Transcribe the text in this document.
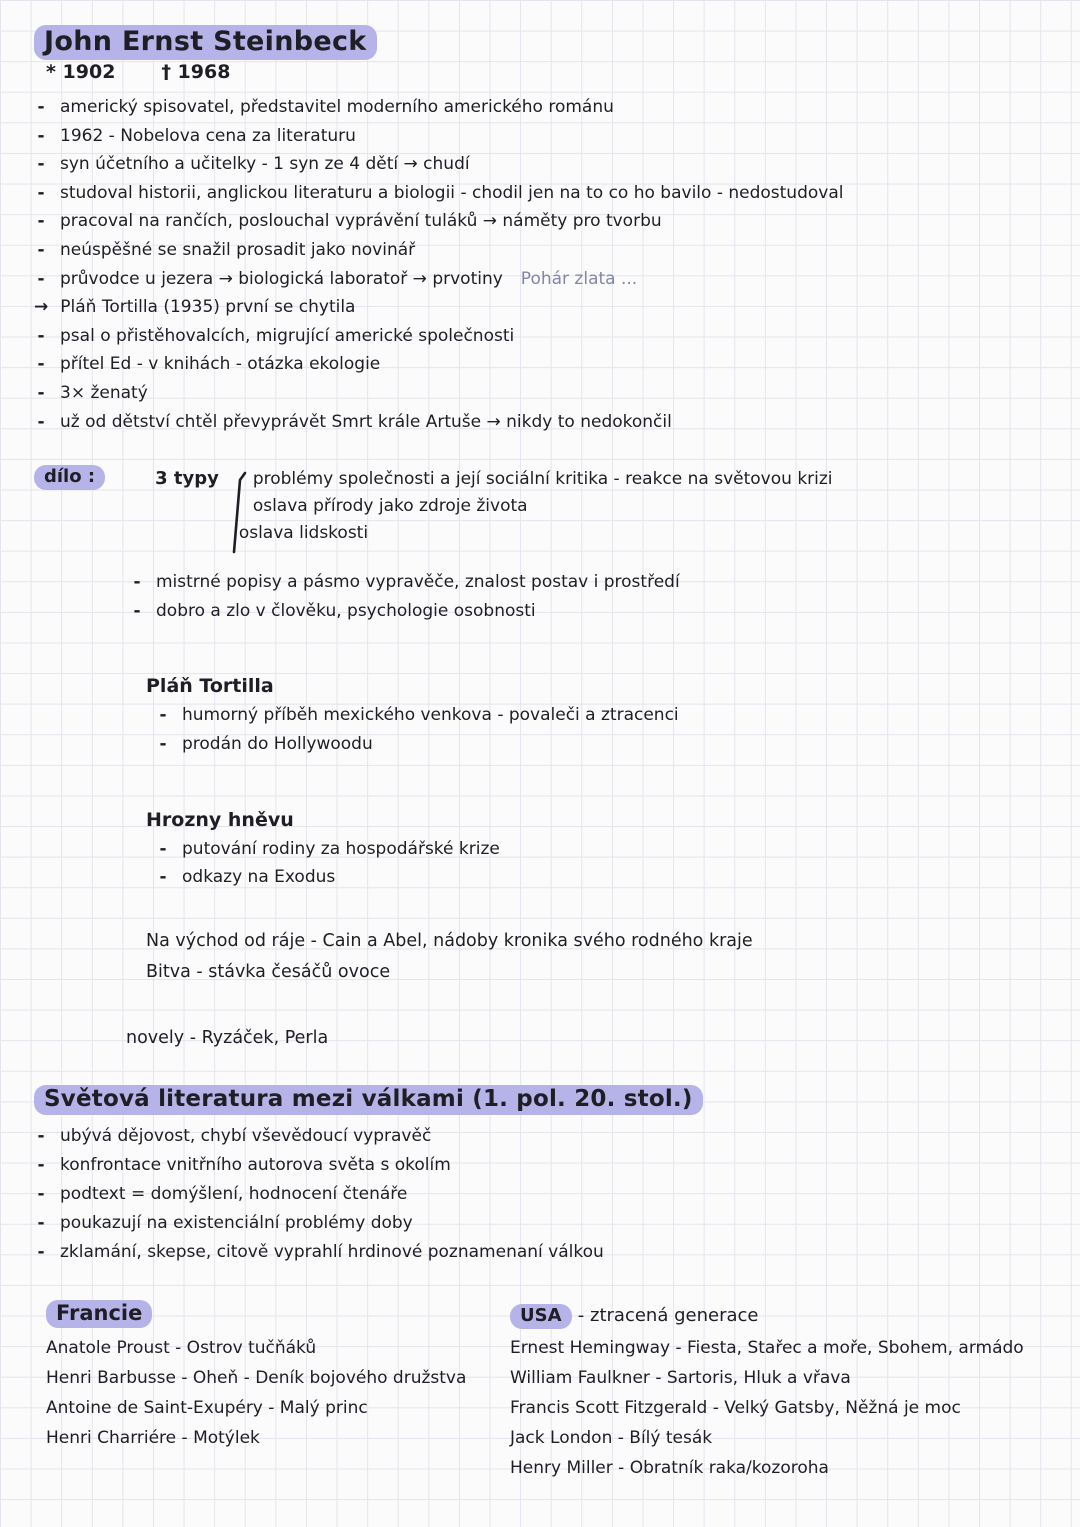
John Ernst Steinbeck
* 1902 † 1968
- americký spisovatel, představitel moderního amerického románu
- 1962 - Nobelova cena za literaturu
- syn účetního a učitelky - 1 syn ze 4 dětí → chudí
- studoval historii, anglickou literaturu a biologii - chodil jen na to co ho bavilo - nedostudoval
- pracoval na rančích, poslouchal vyprávění tuláků → náměty pro tvorbu
- neúspěšné se snažil prosadit jako novinář
- průvodce u jezera → biologická laboratoř → prvotiny Pohár zlata ...
→ Pláň Tortilla (1935) první se chytila
- psal o přistěhovalcích, migrující americké společnosti
- přítel Ed - v knihách - otázka ekologie
- 3× ženatý
- už od dětství chtěl převyprávět Smrt krále Artuše → nikdy to nedokončil
dílo :	3 typy problémy společnosti a její sociální kritika - reakce na světovou krizi
oslava přírody jako zdroje života
oslava lidskosti
- mistrné popisy a pásmo vypravěče, znalost postav i prostředí
- dobro a zlo v člověku, psychologie osobnosti
Pláň Tortilla
- humorný příběh mexického venkova - povaleči a ztracenci
- prodán do Hollywoodu
Hrozny hněvu
- putování rodiny za hospodářské krize
- odkazy na Exodus
Na východ od ráje - Cain a Abel, nádoby kronika svého rodného kraje
Bitva - stávka česáčů ovoce
novely - Ryzáček, Perla
Světová literatura mezi válkami (1. pol. 20. stol.)
- ubývá dějovost, chybí vševědoucí vypravěč
- konfrontace vnitřního autorova světa s okolím
- podtext = domýšlení, hodnocení čtenáře
- poukazují na existenciální problémy doby
- zklamání, skepse, citově vyprahlí hrdinové poznamenaní válkou
Francie
Anatole Proust - Ostrov tučňáků
Henri Barbusse - Oheň - Deník bojového družstva
Antoine de Saint-Exupéry - Malý princ
Henri Charriére - Motýlek
USA - ztracená generace
Ernest Hemingway - Fiesta, Stařec a moře, Sbohem, armádo
William Faulkner - Sartoris, Hluk a vřava
Francis Scott Fitzgerald - Velký Gatsby, Něžná je moc
Jack London - Bílý tesák
Henry Miller - Obratník raka/kozoroha
